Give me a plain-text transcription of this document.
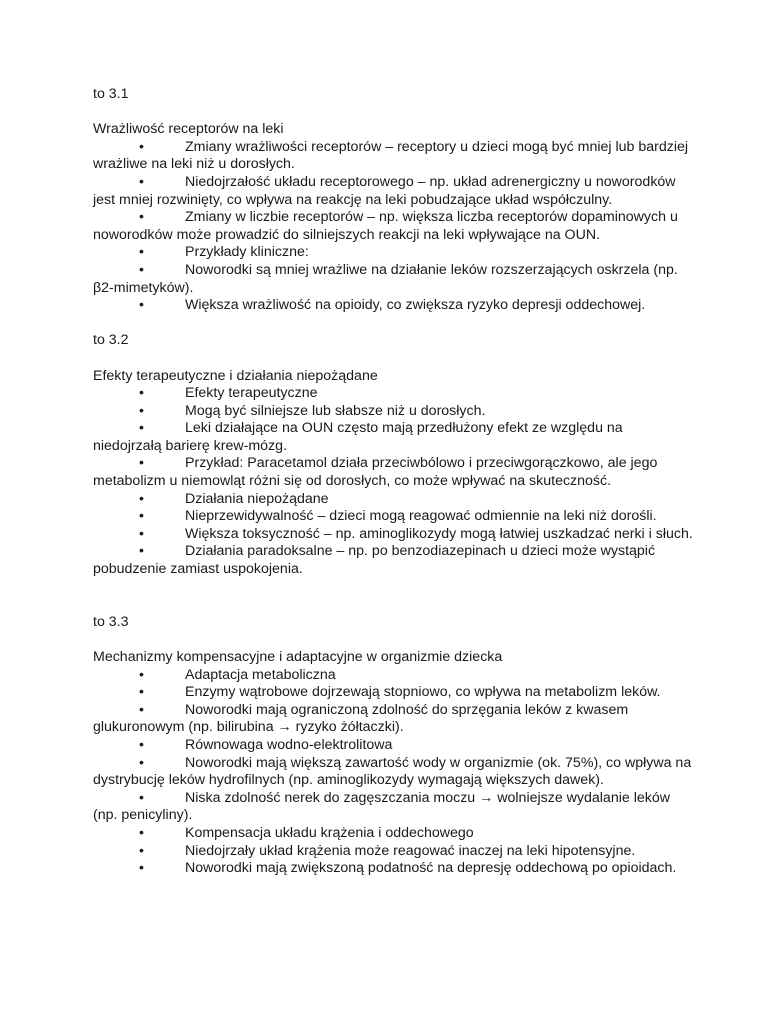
to 3.1

Wrażliwość receptorów na leki

•	Zmiany wrażliwości receptorów – receptory u dzieci mogą być mniej lub bardziej wrażliwe na leki niż u dorosłych.

•	Niedojrzałość układu receptorowego – np. układ adrenergiczny u noworodków jest mniej rozwinięty, co wpływa na reakcję na leki pobudzające układ współczulny.

•	Zmiany w liczbie receptorów – np. większa liczba receptorów dopaminowych u noworodków może prowadzić do silniejszych reakcji na leki wpływające na OUN.

•	Przykłady kliniczne:

•	Noworodki są mniej wrażliwe na działanie leków rozszerzających oskrzela (np. β2-mimetyków).

•	Większa wrażliwość na opioidy, co zwiększa ryzyko depresji oddechowej.

to 3.2

Efekty terapeutyczne i działania niepożądane

•	Efekty terapeutyczne

•	Mogą być silniejsze lub słabsze niż u dorosłych.

•	Leki działające na OUN często mają przedłużony efekt ze względu na niedojrzałą barierę krew-mózg.

•	Przykład: Paracetamol działa przeciwbólowo i przeciwgorączkowo, ale jego metabolizm u niemowląt różni się od dorosłych, co może wpływać na skuteczność.

•	Działania niepożądane

•	Nieprzewidywalność – dzieci mogą reagować odmiennie na leki niż dorośli.

•	Większa toksyczność – np. aminoglikozydy mogą łatwiej uszkadzać nerki i słuch.

•	Działania paradoksalne – np. po benzodiazepinach u dzieci może wystąpić pobudzenie zamiast uspokojenia.

to 3.3

Mechanizmy kompensacyjne i adaptacyjne w organizmie dziecka

•	Adaptacja metaboliczna

•	Enzymy wątrobowe dojrzewają stopniowo, co wpływa na metabolizm leków.

•	Noworodki mają ograniczoną zdolność do sprzęgania leków z kwasem glukuronowym (np. bilirubina → ryzyko żółtaczki).

•	Równowaga wodno-elektrolitowa

•	Noworodki mają większą zawartość wody w organizmie (ok. 75%), co wpływa na dystrybucję leków hydrofilnych (np. aminoglikozydy wymagają większych dawek).

•	Niska zdolność nerek do zagęszczania moczu → wolniejsze wydalanie leków (np. penicyliny).

•	Kompensacja układu krążenia i oddechowego

•	Niedojrzały układ krążenia może reagować inaczej na leki hipotensyjne.

•	Noworodki mają zwiększoną podatność na depresję oddechową po opioidach.
